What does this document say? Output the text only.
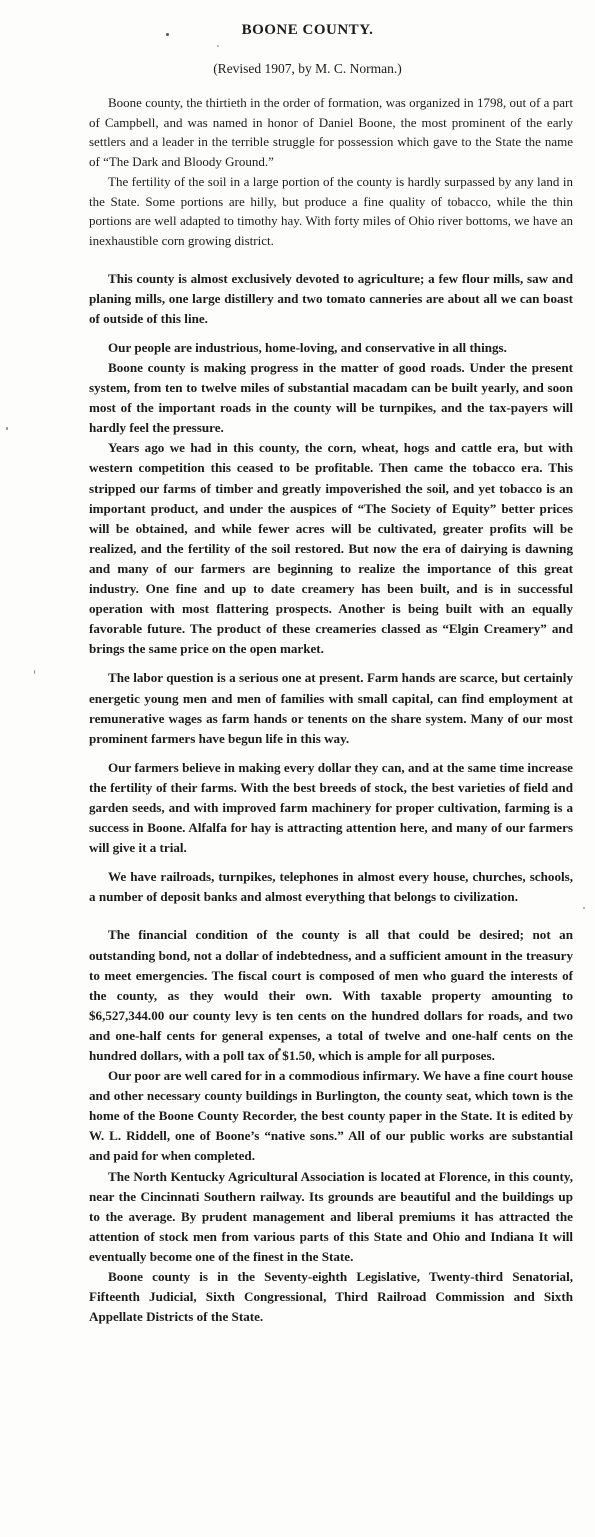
BOONE COUNTY.
(Revised 1907, by M. C. Norman.)

Boone county, the thirtieth in the order of formation, was organized in 1798, out of a part of Campbell, and was named in honor of Daniel Boone, the most prominent of the early settlers and a leader in the terrible struggle for possession which gave to the State the name of “The Dark and Bloody Ground.”

The fertility of the soil in a large portion of the county is hardly surpassed by any land in the State. Some portions are hilly, but produce a fine quality of tobacco, while the thin portions are well adapted to timothy hay. With forty miles of Ohio river bottoms, we have an inexhaustible corn growing district.

This county is almost exclusively devoted to agriculture; a few flour mills, saw and planing mills, one large distillery and two tomato canneries are about all we can boast of outside of this line.

Our people are industrious, home-loving, and conservative in all things.

Boone county is making progress in the matter of good roads. Under the present system, from ten to twelve miles of substantial macadam can be built yearly, and soon most of the important roads in the county will be turnpikes, and the tax-payers will hardly feel the pressure.

Years ago we had in this county, the corn, wheat, hogs and cattle era, but with western competition this ceased to be profitable. Then came the tobacco era. This stripped our farms of timber and greatly impoverished the soil, and yet tobacco is an important product, and under the auspices of “The Society of Equity” better prices will be obtained, and while fewer acres will be cultivated, greater profits will be realized, and the fertility of the soil restored. But now the era of dairying is dawning and many of our farmers are beginning to realize the importance of this great industry. One fine and up to date creamery has been built, and is in successful operation with most flattering prospects. Another is being built with an equally favorable future. The product of these creameries classed as “Elgin Creamery” and brings the same price on the open market.

The labor question is a serious one at present. Farm hands are scarce, but certainly energetic young men and men of families with small capital, can find employment at remunerative wages as farm hands or tenents on the share system. Many of our most prominent farmers have begun life in this way.

Our farmers believe in making every dollar they can, and at the same time increase the fertility of their farms. With the best breeds of stock, the best varieties of field and garden seeds, and with improved farm machinery for proper cultivation, farming is a success in Boone. Alfalfa for hay is attracting attention here, and many of our farmers will give it a trial.

We have railroads, turnpikes, telephones in almost every house, churches, schools, a number of deposit banks and almost everything that belongs to civilization.

The financial condition of the county is all that could be desired; not an outstanding bond, not a dollar of indebtedness, and a sufficient amount in the treasury to meet emergencies. The fiscal court is composed of men who guard the interests of the county, as they would their own. With taxable property amounting to $6,527,344.00 our county levy is ten cents on the hundred dollars for roads, and two and one-half cents for general expenses, a total of twelve and one-half cents on the hundred dollars, with a poll tax of $1.50, which is ample for all purposes.

Our poor are well cared for in a commodious infirmary. We have a fine court house and other necessary county buildings in Burlington, the county seat, which town is the home of the Boone County Recorder, the best county paper in the State. It is edited by W. L. Riddell, one of Boone’s “native sons.” All of our public works are substantial and paid for when completed.

The North Kentucky Agricultural Association is located at Florence, in this county, near the Cincinnati Southern railway. Its grounds are beautiful and the buildings up to the average. By prudent management and liberal premiums it has attracted the attention of stock men from various parts of this State and Ohio and Indiana It will eventually become one of the finest in the State.

Boone county is in the Seventy-eighth Legislative, Twenty-third Senatorial, Fifteenth Judicial, Sixth Congressional, Third Railroad Commission and Sixth Appellate Districts of the State.
